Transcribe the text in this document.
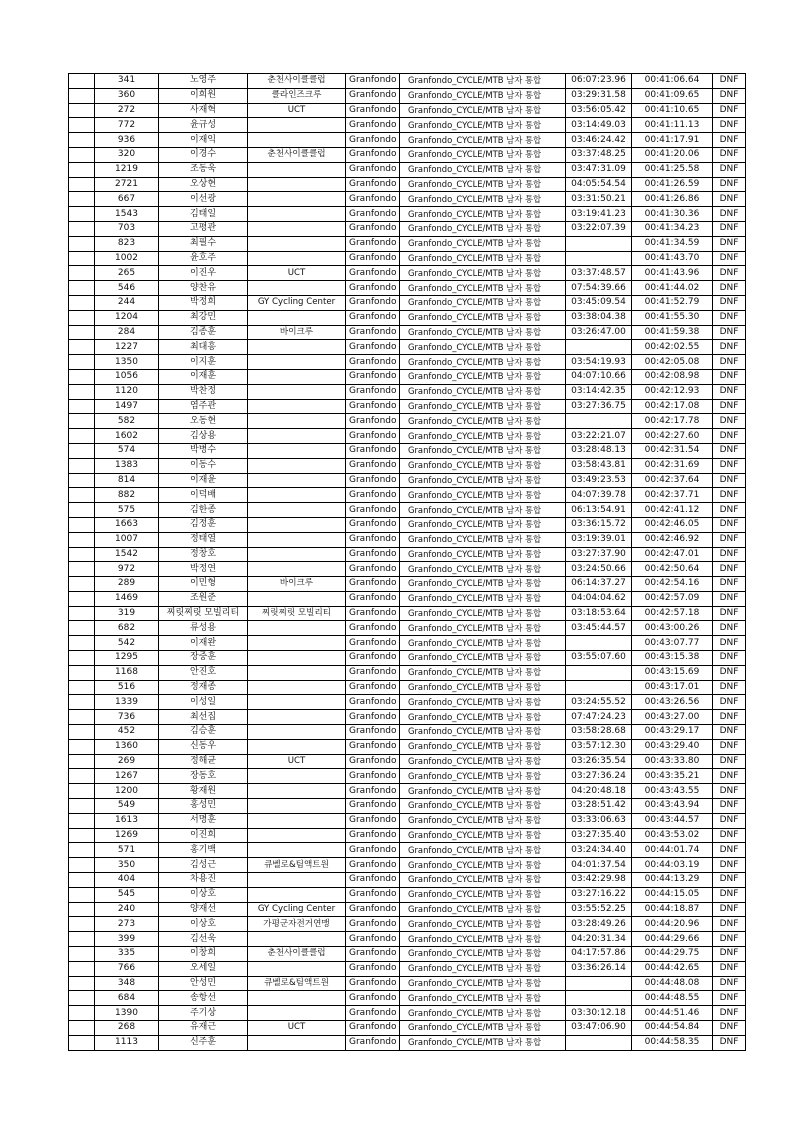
	341	노영주	춘천사이클클럽	Granfondo	Granfondo_CYCLE/MTB 남자 통합	06:07:23.96	00:41:06.64	DNF
	360	이희원	클라인즈크루	Granfondo	Granfondo_CYCLE/MTB 남자 통합	03:29:31.58	00:41:09.65	DNF
	272	사재혁	UCT	Granfondo	Granfondo_CYCLE/MTB 남자 통합	03:56:05.42	00:41:10.65	DNF
	772	윤규성		Granfondo	Granfondo_CYCLE/MTB 남자 통합	03:14:49.03	00:41:11.13	DNF
	936	이재익		Granfondo	Granfondo_CYCLE/MTB 남자 통합	03:46:24.42	00:41:17.91	DNF
	320	이경수	춘천사이클클럽	Granfondo	Granfondo_CYCLE/MTB 남자 통합	03:37:48.25	00:41:20.06	DNF
	1219	조동욱		Granfondo	Granfondo_CYCLE/MTB 남자 통합	03:47:31.09	00:41:25.58	DNF
	2721	오상현		Granfondo	Granfondo_CYCLE/MTB 남자 통합	04:05:54.54	00:41:26.59	DNF
	667	이선광		Granfondo	Granfondo_CYCLE/MTB 남자 통합	03:31:50.21	00:41:26.86	DNF
	1543	김태일		Granfondo	Granfondo_CYCLE/MTB 남자 통합	03:19:41.23	00:41:30.36	DNF
	703	고평관		Granfondo	Granfondo_CYCLE/MTB 남자 통합	03:22:07.39	00:41:34.23	DNF
	823	최필수		Granfondo	Granfondo_CYCLE/MTB 남자 통합		00:41:34.59	DNF
	1002	윤호주		Granfondo	Granfondo_CYCLE/MTB 남자 통합		00:41:43.70	DNF
	265	이진우	UCT	Granfondo	Granfondo_CYCLE/MTB 남자 통합	03:37:48.57	00:41:43.96	DNF
	546	양찬유		Granfondo	Granfondo_CYCLE/MTB 남자 통합	07:54:39.66	00:41:44.02	DNF
	244	박정희	GY Cycling Center	Granfondo	Granfondo_CYCLE/MTB 남자 통합	03:45:09.54	00:41:52.79	DNF
	1204	최강민		Granfondo	Granfondo_CYCLE/MTB 남자 통합	03:38:04.38	00:41:55.30	DNF
	284	김종훈	바이크루	Granfondo	Granfondo_CYCLE/MTB 남자 통합	03:26:47.00	00:41:59.38	DNF
	1227	최대흥		Granfondo	Granfondo_CYCLE/MTB 남자 통합		00:42:02.55	DNF
	1350	이지훈		Granfondo	Granfondo_CYCLE/MTB 남자 통합	03:54:19.93	00:42:05.08	DNF
	1056	이재훈		Granfondo	Granfondo_CYCLE/MTB 남자 통합	04:07:10.66	00:42:08.98	DNF
	1120	박찬정		Granfondo	Granfondo_CYCLE/MTB 남자 통합	03:14:42.35	00:42:12.93	DNF
	1497	염주관		Granfondo	Granfondo_CYCLE/MTB 남자 통합	03:27:36.75	00:42:17.08	DNF
	582	오동현		Granfondo	Granfondo_CYCLE/MTB 남자 통합		00:42:17.78	DNF
	1602	김상용		Granfondo	Granfondo_CYCLE/MTB 남자 통합	03:22:21.07	00:42:27.60	DNF
	574	박병수		Granfondo	Granfondo_CYCLE/MTB 남자 통합	03:28:48.13	00:42:31.54	DNF
	1383	이동수		Granfondo	Granfondo_CYCLE/MTB 남자 통합	03:58:43.81	00:42:31.69	DNF
	814	이재윤		Granfondo	Granfondo_CYCLE/MTB 남자 통합	03:49:23.53	00:42:37.64	DNF
	882	이덕배		Granfondo	Granfondo_CYCLE/MTB 남자 통합	04:07:39.78	00:42:37.71	DNF
	575	김한종		Granfondo	Granfondo_CYCLE/MTB 남자 통합	06:13:54.91	00:42:41.12	DNF
	1663	김정훈		Granfondo	Granfondo_CYCLE/MTB 남자 통합	03:36:15.72	00:42:46.05	DNF
	1007	정태열		Granfondo	Granfondo_CYCLE/MTB 남자 통합	03:19:39.01	00:42:46.92	DNF
	1542	정창호		Granfondo	Granfondo_CYCLE/MTB 남자 통합	03:27:37.90	00:42:47.01	DNF
	972	박정연		Granfondo	Granfondo_CYCLE/MTB 남자 통합	03:24:50.66	00:42:50.64	DNF
	289	이민형	바이크루	Granfondo	Granfondo_CYCLE/MTB 남자 통합	06:14:37.27	00:42:54.16	DNF
	1469	조원준		Granfondo	Granfondo_CYCLE/MTB 남자 통합	04:04:04.62	00:42:57.09	DNF
	319	찌릿찌릿 모빌리티	찌릿찌릿 모빌리티	Granfondo	Granfondo_CYCLE/MTB 남자 통합	03:18:53.64	00:42:57.18	DNF
	682	류성용		Granfondo	Granfondo_CYCLE/MTB 남자 통합	03:45:44.57	00:43:00.26	DNF
	542	이재완		Granfondo	Granfondo_CYCLE/MTB 남자 통합		00:43:07.77	DNF
	1295	장중훈		Granfondo	Granfondo_CYCLE/MTB 남자 통합	03:55:07.60	00:43:15.38	DNF
	1168	안진호		Granfondo	Granfondo_CYCLE/MTB 남자 통합		00:43:15.69	DNF
	516	정재종		Granfondo	Granfondo_CYCLE/MTB 남자 통합		00:43:17.01	DNF
	1339	이성일		Granfondo	Granfondo_CYCLE/MTB 남자 통합	03:24:55.52	00:43:26.56	DNF
	736	최선집		Granfondo	Granfondo_CYCLE/MTB 남자 통합	07:47:24.23	00:43:27.00	DNF
	452	김승훈		Granfondo	Granfondo_CYCLE/MTB 남자 통합	03:58:28.68	00:43:29.17	DNF
	1360	신동우		Granfondo	Granfondo_CYCLE/MTB 남자 통합	03:57:12.30	00:43:29.40	DNF
	269	정해균	UCT	Granfondo	Granfondo_CYCLE/MTB 남자 통합	03:26:35.54	00:43:33.80	DNF
	1267	장동호		Granfondo	Granfondo_CYCLE/MTB 남자 통합	03:27:36.24	00:43:35.21	DNF
	1200	황재원		Granfondo	Granfondo_CYCLE/MTB 남자 통합	04:20:48.18	00:43:43.55	DNF
	549	홍성민		Granfondo	Granfondo_CYCLE/MTB 남자 통합	03:28:51.42	00:43:43.94	DNF
	1613	서명훈		Granfondo	Granfondo_CYCLE/MTB 남자 통합	03:33:06.63	00:43:44.57	DNF
	1269	이진희		Granfondo	Granfondo_CYCLE/MTB 남자 통합	03:27:35.40	00:43:53.02	DNF
	571	홍기백		Granfondo	Granfondo_CYCLE/MTB 남자 통합	03:24:34.40	00:44:01.74	DNF
	350	김성근	큐벨로&팀액트원	Granfondo	Granfondo_CYCLE/MTB 남자 통합	04:01:37.54	00:44:03.19	DNF
	404	차용진		Granfondo	Granfondo_CYCLE/MTB 남자 통합	03:42:29.98	00:44:13.29	DNF
	545	이상호		Granfondo	Granfondo_CYCLE/MTB 남자 통합	03:27:16.22	00:44:15.05	DNF
	240	양재선	GY Cycling Center	Granfondo	Granfondo_CYCLE/MTB 남자 통합	03:55:52.25	00:44:18.87	DNF
	273	이상호	가평군자전거연맹	Granfondo	Granfondo_CYCLE/MTB 남자 통합	03:28:49.26	00:44:20.96	DNF
	399	김선욱		Granfondo	Granfondo_CYCLE/MTB 남자 통합	04:20:31.34	00:44:29.66	DNF
	335	이창희	춘천사이클클럽	Granfondo	Granfondo_CYCLE/MTB 남자 통합	04:17:57.86	00:44:29.75	DNF
	766	오세일		Granfondo	Granfondo_CYCLE/MTB 남자 통합	03:36:26.14	00:44:42.65	DNF
	348	안성민	큐벨로&팀액트원	Granfondo	Granfondo_CYCLE/MTB 남자 통합		00:44:48.08	DNF
	684	송항선		Granfondo	Granfondo_CYCLE/MTB 남자 통합		00:44:48.55	DNF
	1390	주기상		Granfondo	Granfondo_CYCLE/MTB 남자 통합	03:30:12.18	00:44:51.46	DNF
	268	유재근	UCT	Granfondo	Granfondo_CYCLE/MTB 남자 통합	03:47:06.90	00:44:54.84	DNF
	1113	신주훈		Granfondo	Granfondo_CYCLE/MTB 남자 통합		00:44:58.35	DNF
